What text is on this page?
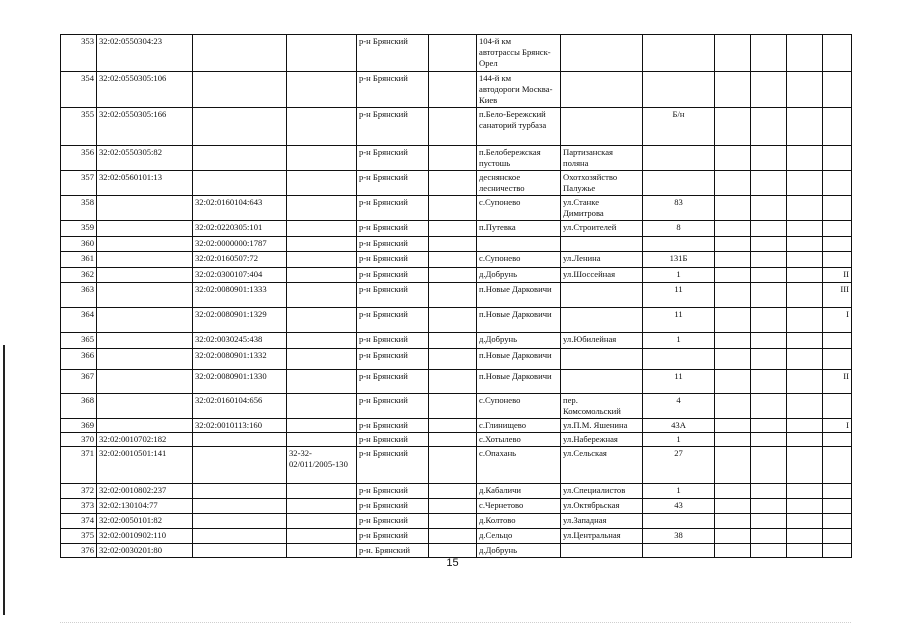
353	32:02:0550304:23			р-н Брянский		104-й км
автотрассы Брянск-
Орел						
354	32:02:0550305:106			р-н Брянский		144-й км
автодороги Москва-
Киев						
355	32:02:0550305:166			р-н Брянский		п.Бело-Бережский
санаторий турбаза		Б/н				
356	32:02:0550305:82			р-н Брянский		п.Белобережская
пустошь	Партизанская
поляна					
357	32:02:0560101:13			р-н Брянский		деснянское
лесничество	Охотхозяйство
Палужье					
358		32:02:0160104:643		р-н Брянский		с.Супонево	ул.Станке
Димитрова	83				
359		32:02:0220305:101		р-н Брянский		п.Путевка	ул.Строителей	8				
360		32:02:0000000:1787		р-н Брянский								
361		32:02:0160507:72		р-н Брянский		с.Супонево	ул.Ленина	131Б				
362		32:02:0300107:404		р-н Брянский		д.Добрунь	ул.Шоссейная	1				II
363		32:02:0080901:1333		р-н Брянский		п.Новые Дарковичи		11				III
364		32:02:0080901:1329		р-н Брянский		п.Новые Дарковичи		11				I
365		32:02:0030245:438		р-н Брянский		д.Добрунь	ул.Юбилейная	1				
366		32:02:0080901:1332		р-н Брянский		п.Новые Дарковичи						
367		32:02:0080901:1330		р-н Брянский		п.Новые Дарковичи		11				II
368		32:02:0160104:656		р-н Брянский		с.Супонево	пер.
Комсомольский	4				
369		32:02:0010113:160		р-н Брянский		с.Глинищево	ул.П.М. Яшенина	43А				I
370	32:02:0010702:182			р-н Брянский		с.Хотылево	ул.Набережная	1				
371	32:02:0010501:141		32-32-
02/011/2005-130	р-н Брянский		с.Опахань	ул.Сельская	27				
372	32:02:0010802:237			р-н Брянский		д.Кабаличи	ул.Специалистов	1				
373	32:02:130104:77			р-н Брянский		с.Чернетово	ул.Октябрьская	43				
374	32:02:0050101:82			р-н Брянский		д.Колтово	ул.Западная					
375	32:02:0010902:110			р-н Брянский		д.Сельцо	ул.Центральная	38				
376	32:02:0030201:80			р-н. Брянский		д.Добрунь						
15
